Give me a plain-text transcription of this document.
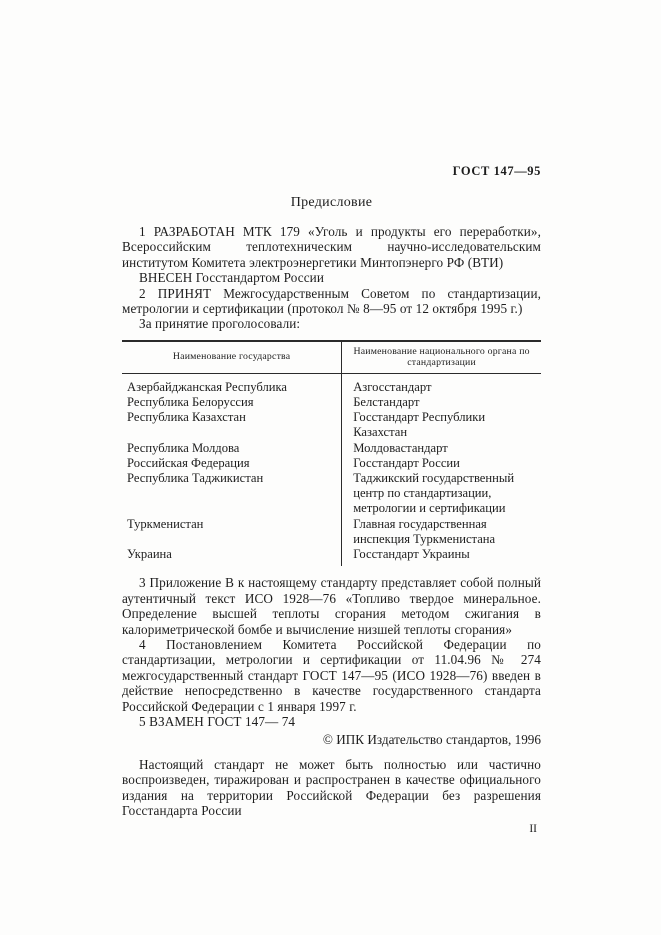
ГОСТ 147—95
Предисловие

1 РАЗРАБОТАН МТК 179 «Уголь и продукты его переработки», Всероссийским теплотехническим научно-исследовательским институтом Комитета электроэнергетики Минтопэнерго РФ (ВТИ)

ВНЕСЕН Госстандартом России

2 ПРИНЯТ Межгосударственным Советом по стандартизации, метрологии и сертификации (протокол № 8—95 от 12 октября 1995 г.)

За принятие проголосовали:

Наименование государства	Наименование национального органа по стандартизации
Азербайджанская Республика	Азгосстандарт
Республика Белоруссия	Белстандарт
Республика Казахстан	Госстандарт Республики Казахстан
Республика Молдова	Молдовастандарт
Российская Федерация	Госстандарт России
Республика Таджикистан	Таджикский государственный центр по стандартизации, метрологии и сертификации
Туркменистан	Главная государственная инспекция Туркменистана
Украина	Госстандарт Украины

3 Приложение В к настоящему стандарту представляет собой полный аутентичный текст ИСО 1928—76 «Топливо твердое минеральное. Определение высшей теплоты сгорания методом сжигания в калориметрической бомбе и вычисление низшей теплоты сгорания»

4 Постановлением Комитета Российской Федерации по стандартизации, метрологии и сертификации от 11.04.96 № 274 межгосударственный стандарт ГОСТ 147—95 (ИСО 1928—76) введен в действие непосредственно в качестве государственного стандарта Российской Федерации с 1 января 1997 г.

5 ВЗАМЕН ГОСТ 147— 74

© ИПК Издательство стандартов, 1996

Настоящий стандарт не может быть полностью или частично воспроизведен, тиражирован и распространен в качестве официального издания на территории Российской Федерации без разрешения Госстандарта России

II
